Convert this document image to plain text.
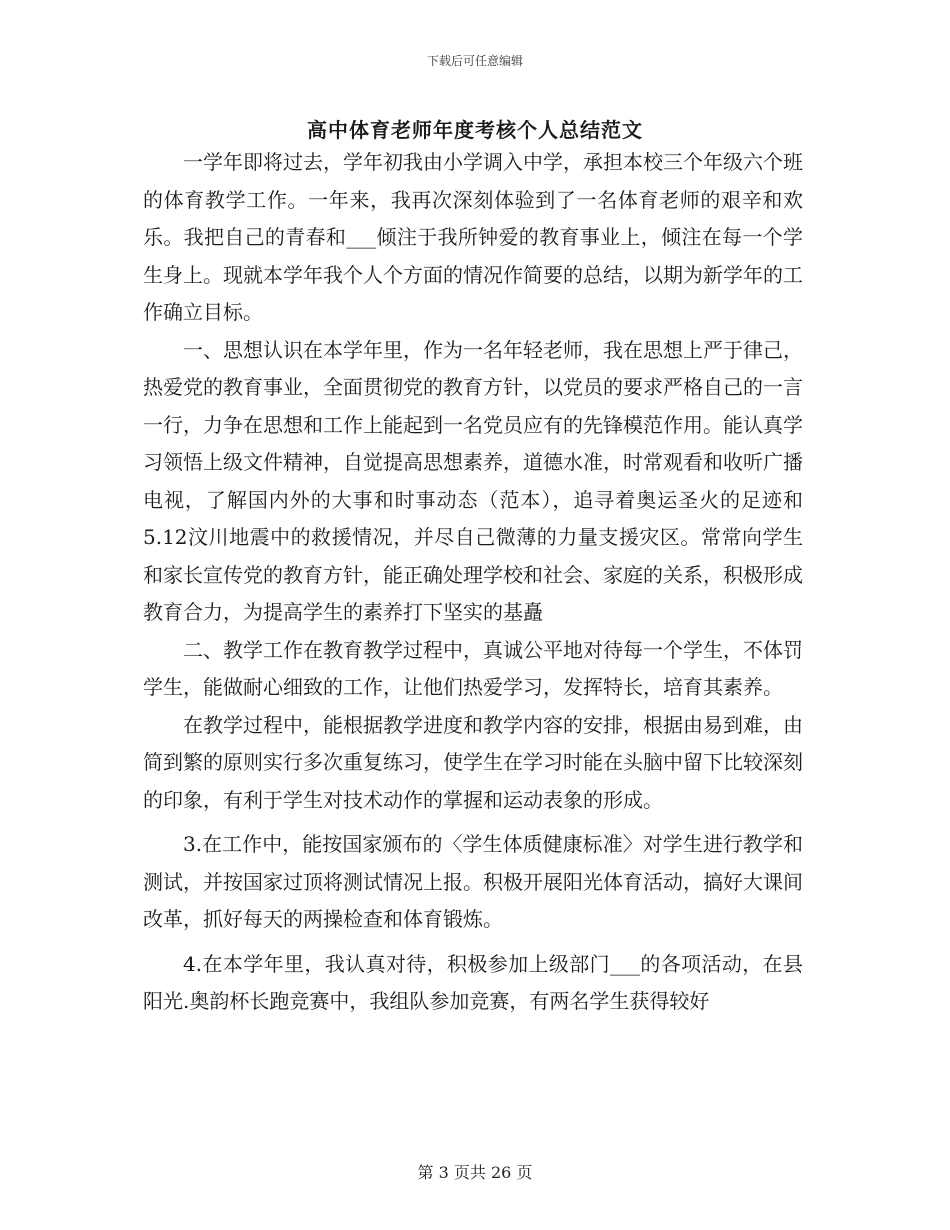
下载后可任意编辑
高中体育老师年度考核个人总结范文

一学年即将过去，学年初我由小学调入中学，承担本校三个年级六个班的体育教学工作。一年来，我再次深刻体验到了一名体育老师的艰辛和欢乐。我把自己的青春和___倾注于我所钟爱的教育事业上，倾注在每一个学生身上。现就本学年我个人个方面的情况作简要的总结，以期为新学年的工作确立目标。

一、思想认识在本学年里，作为一名年轻老师，我在思想上严于律己，热爱党的教育事业，全面贯彻党的教育方针，以党员的要求严格自己的一言一行，力争在思想和工作上能起到一名党员应有的先锋模范作用。能认真学习领悟上级文件精神，自觉提高思想素养，道德水准，时常观看和收听广播电视，了解国内外的大事和时事动态（范本），追寻着奥运圣火的足迹和5.12汶川地震中的救援情况，并尽自己微薄的力量支援灾区。常常向学生和家长宣传党的教育方针，能正确处理学校和社会、家庭的关系，积极形成教育合力，为提高学生的素养打下坚实的基矗

二、教学工作在教育教学过程中，真诚公平地对待每一个学生，不体罚学生，能做耐心细致的工作，让他们热爱学习，发挥特长，培育其素养。

在教学过程中，能根据教学进度和教学内容的安排，根据由易到难，由简到繁的原则实行多次重复练习，使学生在学习时能在头脑中留下比较深刻的印象，有利于学生对技术动作的掌握和运动表象的形成。

3.在工作中，能按国家颁布的〈学生体质健康标准〉对学生进行教学和测试，并按国家过顶将测试情况上报。积极开展阳光体育活动，搞好大课间改革，抓好每天的两操检查和体育锻炼。

4.在本学年里，我认真对待，积极参加上级部门___的各项活动，在县阳光.奥韵杯长跑竞赛中，我组队参加竞赛，有两名学生获得较好

第 3 页共 26 页
